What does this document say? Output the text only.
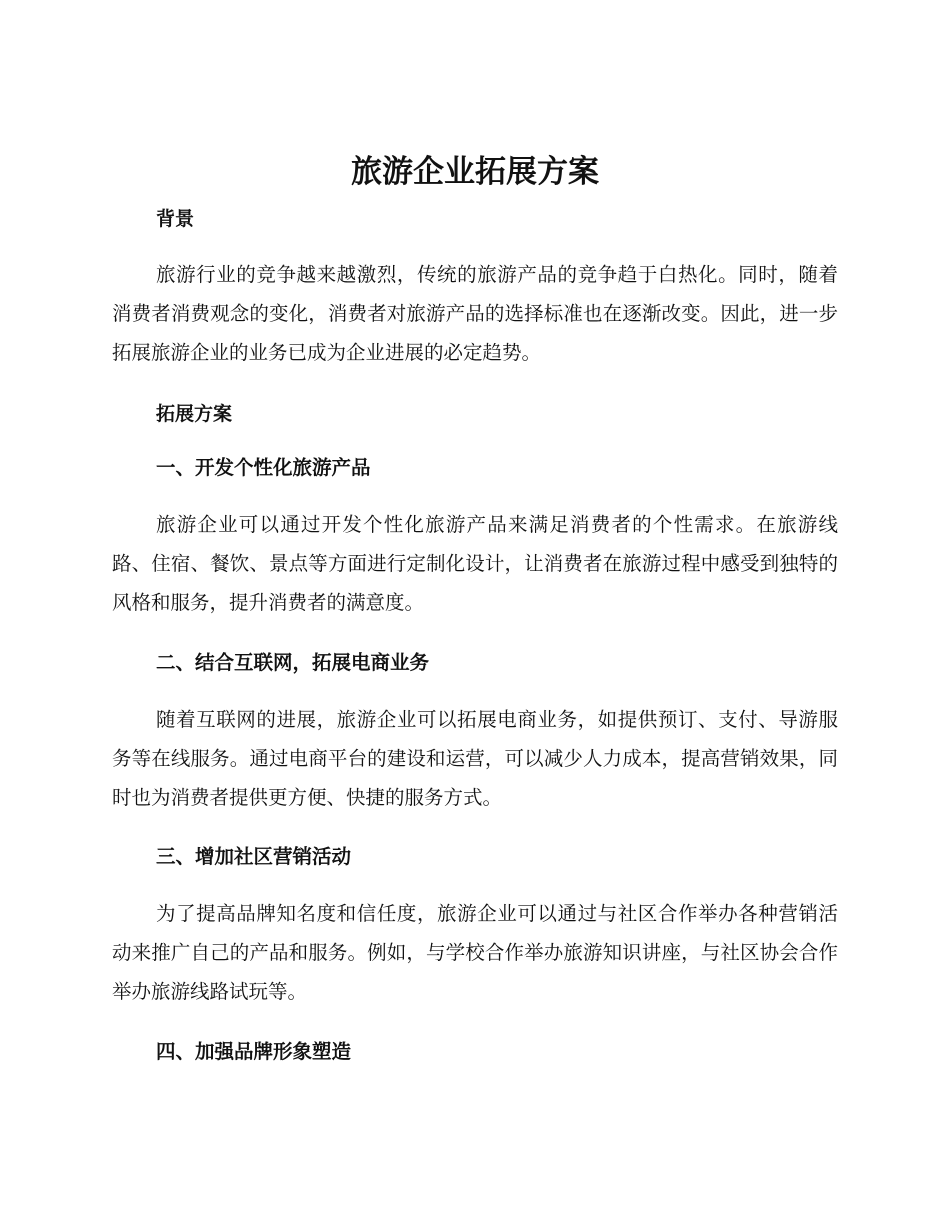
旅游企业拓展方案
背景

旅游行业的竞争越来越激烈，传统的旅游产品的竞争趋于白热化。同时，随着消费者消费观念的变化，消费者对旅游产品的选择标准也在逐渐改变。因此，进一步拓展旅游企业的业务已成为企业进展的必定趋势。

拓展方案
一、开发个性化旅游产品

旅游企业可以通过开发个性化旅游产品来满足消费者的个性需求。在旅游线路、住宿、餐饮、景点等方面进行定制化设计，让消费者在旅游过程中感受到独特的风格和服务，提升消费者的满意度。

二、结合互联网，拓展电商业务

随着互联网的进展，旅游企业可以拓展电商业务，如提供预订、支付、导游服务等在线服务。通过电商平台的建设和运营，可以减少人力成本，提高营销效果，同时也为消费者提供更方便、快捷的服务方式。

三、增加社区营销活动

为了提高品牌知名度和信任度，旅游企业可以通过与社区合作举办各种营销活动来推广自己的产品和服务。例如，与学校合作举办旅游知识讲座，与社区协会合作举办旅游线路试玩等。

四、加强品牌形象塑造
